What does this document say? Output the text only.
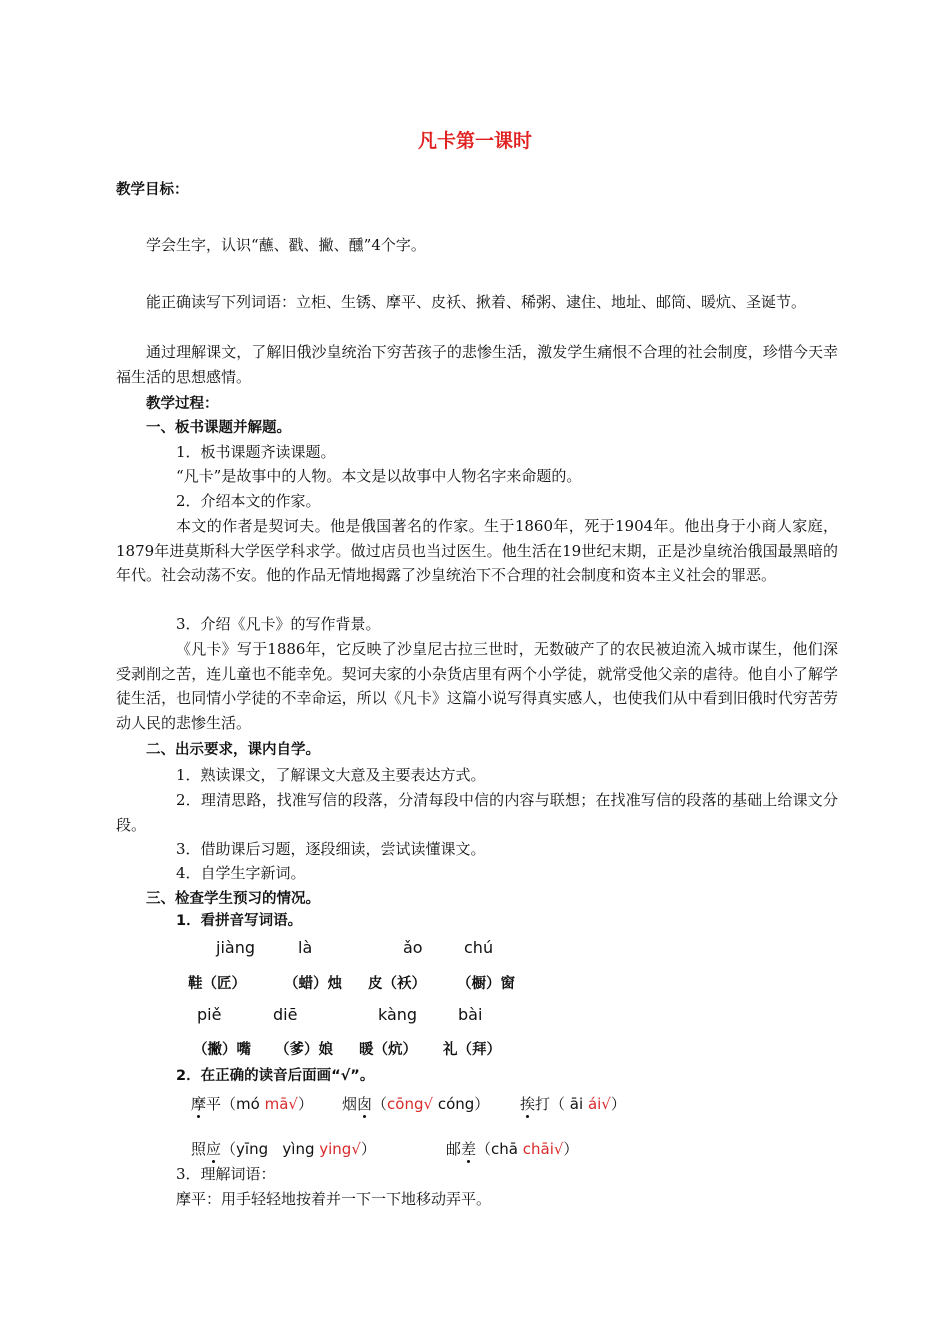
凡卡第一课时
教学目标：
学会生字，认识“蘸、戳、撇、醺”4个字。
能正确读写下列词语：立柜、生锈、摩平、皮袄、揪着、稀粥、逮住、地址、邮筒、暖炕、圣诞节。
通过理解课文，了解旧俄沙皇统治下穷苦孩子的悲惨生活，激发学生痛恨不合理的社会制度，珍惜今天幸福生活的思想感情。
教学过程：
一、板书课题并解题。
1．板书课题齐读课题。
“凡卡”是故事中的人物。本文是以故事中人物名字来命题的。
2．介绍本文的作家。
本文的作者是契诃夫。他是俄国著名的作家。生于1860年，死于1904年。他出身于小商人家庭，1879年进莫斯科大学医学科求学。做过店员也当过医生。他生活在19世纪末期，正是沙皇统治俄国最黑暗的年代。社会动荡不安。他的作品无情地揭露了沙皇统治下不合理的社会制度和资本主义社会的罪恶。
3．介绍《凡卡》的写作背景。
《凡卡》写于1886年，它反映了沙皇尼古拉三世时，无数破产了的农民被迫流入城市谋生，他们深受剥削之苦，连儿童也不能幸免。契诃夫家的小杂货店里有两个小学徒，就常受他父亲的虐待。他自小了解学徒生活，也同情小学徒的不幸命运，所以《凡卡》这篇小说写得真实感人，也使我们从中看到旧俄时代穷苦劳动人民的悲惨生活。
二、出示要求，课内自学。
1．熟读课文，了解课文大意及主要表达方式。
2．理清思路，找准写信的段落，分清每段中信的内容与联想；在找准写信的段落的基础上给课文分段。
3．借助课后习题，逐段细读，尝试读懂课文。
4．自学生字新词。
三、检查学生预习的情况。
1．看拼音写词语。
jiàng	là	ǎo	chú
鞋（匠）	（蜡）烛 皮（袄） （橱）窗
piě	diē	kàng	bài
（撇）嘴 （爹）娘 暖（炕） 礼（拜）
2．在正确的读音后面画“√”。
摩平（mó mā√） 烟囱（cōng√ cóng） 挨打（ āi ái√）
照应（yīng   yìng ying√）	邮差（chā chāi√）
3．理解词语：
摩平：用手轻轻地按着并一下一下地移动弄平。
